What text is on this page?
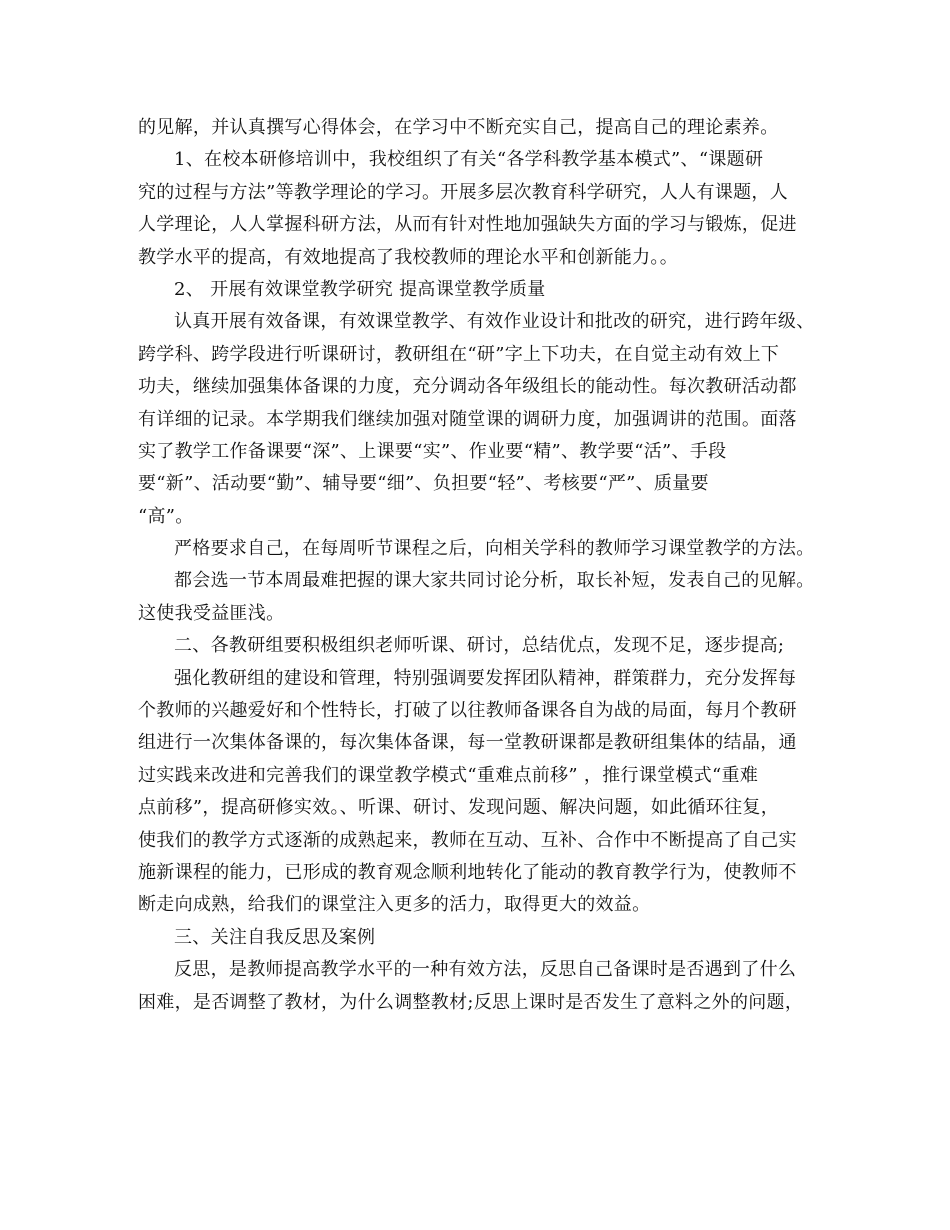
的见解，并认真撰写心得体会，在学习中不断充实自己，提高自己的理论素养。
1、在校本研修培训中，我校组织了有关“各学科教学基本模式”、“课题研
究的过程与方法”等教学理论的学习。开展多层次教育科学研究，人人有课题，人
人学理论，人人掌握科研方法，从而有针对性地加强缺失方面的学习与锻炼，促进
教学水平的提高，有效地提高了我校教师的理论水平和创新能力。。
2、 开展有效课堂教学研究 提高课堂教学质量
认真开展有效备课，有效课堂教学、有效作业设计和批改的研究，进行跨年级、
跨学科、跨学段进行听课研讨，教研组在“研”字上下功夫，在自觉主动有效上下
功夫，继续加强集体备课的力度，充分调动各年级组长的能动性。每次教研活动都
有详细的记录。本学期我们继续加强对随堂课的调研力度，加强调讲的范围。面落
实了教学工作备课要“深”、上课要“实”、作业要“精”、教学要“活”、手段
要“新”、活动要“勤”、辅导要“细”、负担要“轻”、考核要“严”、质量要
“高”。
严格要求自己，在每周听节课程之后，向相关学科的教师学习课堂教学的方法。
都会选一节本周最难把握的课大家共同讨论分析，取长补短，发表自己的见解。
这使我受益匪浅。
二、各教研组要积极组织老师听课、研讨，总结优点，发现不足，逐步提高;
强化教研组的建设和管理，特别强调要发挥团队精神，群策群力，充分发挥每
个教师的兴趣爱好和个性特长，打破了以往教师备课各自为战的局面，每月个教研
组进行一次集体备课的，每次集体备课，每一堂教研课都是教研组集体的结晶，通
过实践来改进和完善我们的课堂教学模式“重难点前移” ，推行课堂模式“重难
点前移”，提高研修实效。、听课、研讨、发现问题、解决问题，如此循环往复，
使我们的教学方式逐渐的成熟起来，教师在互动、互补、合作中不断提高了自己实
施新课程的能力，已形成的教育观念顺利地转化了能动的教育教学行为，使教师不
断走向成熟，给我们的课堂注入更多的活力，取得更大的效益。
三、关注自我反思及案例
反思，是教师提高教学水平的一种有效方法，反思自己备课时是否遇到了什么
困难，是否调整了教材，为什么调整教材;反思上课时是否发生了意料之外的问题，
